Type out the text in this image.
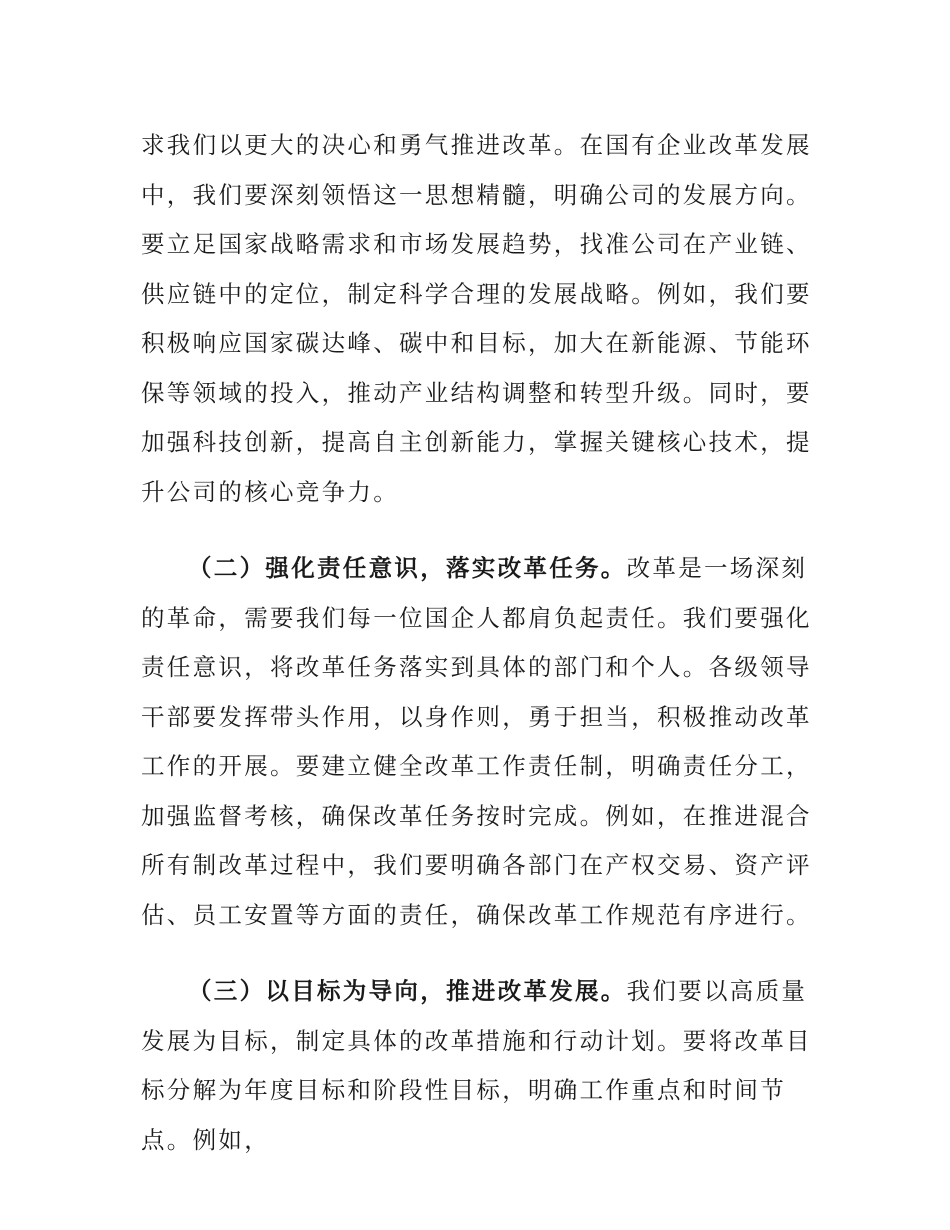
求我们以更大的决心和勇气推进改革。在国有企业改革发展中，我们要深刻领悟这一思想精髓，明确公司的发展方向。要立足国家战略需求和市场发展趋势，找准公司在产业链、供应链中的定位，制定科学合理的发展战略。例如，我们要积极响应国家碳达峰、碳中和目标，加大在新能源、节能环保等领域的投入，推动产业结构调整和转型升级。同时，要加强科技创新，提高自主创新能力，掌握关键核心技术，提升公司的核心竞争力。

（二）强化责任意识，落实改革任务。改革是一场深刻的革命，需要我们每一位国企人都肩负起责任。我们要强化责任意识，将改革任务落实到具体的部门和个人。各级领导干部要发挥带头作用，以身作则，勇于担当，积极推动改革工作的开展。要建立健全改革工作责任制，明确责任分工，加强监督考核，确保改革任务按时完成。例如，在推进混合所有制改革过程中，我们要明确各部门在产权交易、资产评估、员工安置等方面的责任，确保改革工作规范有序进行。

（三）以目标为导向，推进改革发展。我们要以高质量发展为目标，制定具体的改革措施和行动计划。要将改革目标分解为年度目标和阶段性目标，明确工作重点和时间节点。例如，
